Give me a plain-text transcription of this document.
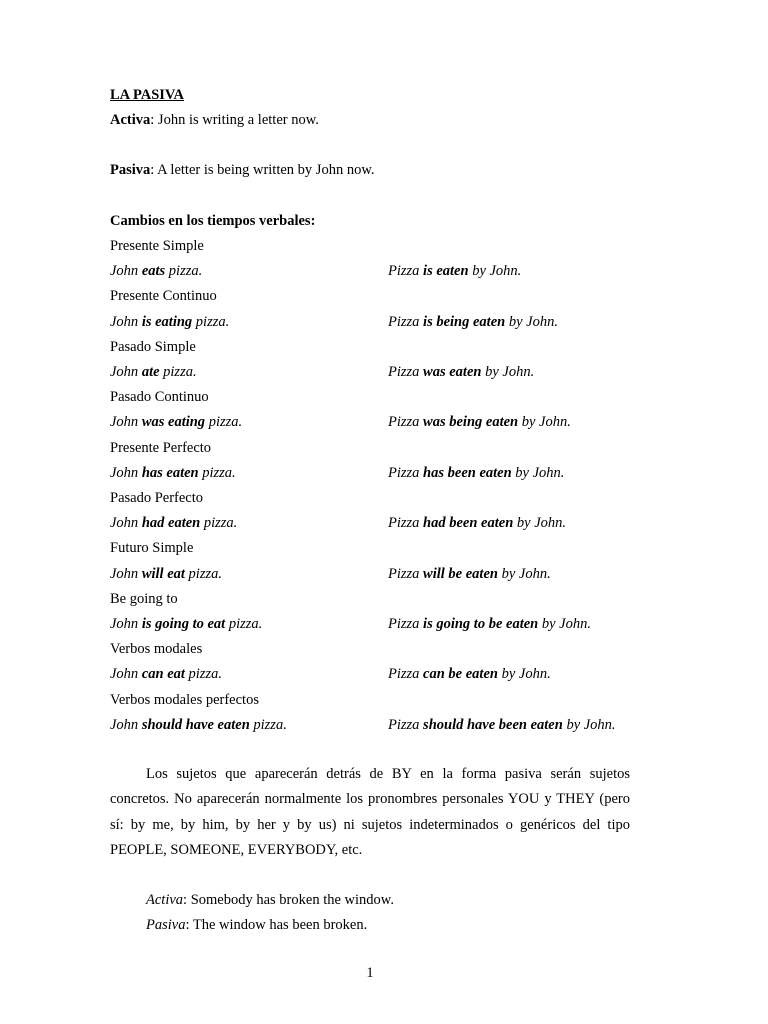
LA PASIVA
Activa: John is writing a letter now.
Pasiva: A letter is being written by John now.
Cambios en los tiempos verbales:
Presente Simple
John eats pizza.	Pizza is eaten by John.
Presente Continuo
John is eating pizza.	Pizza is being eaten by John.
Pasado Simple
John ate pizza.	Pizza was eaten by John.
Pasado Continuo
John was eating pizza.	Pizza was being eaten by John.
Presente Perfecto
John has eaten pizza.	Pizza has been eaten by John.
Pasado Perfecto
John had eaten pizza.	Pizza had been eaten by John.
Futuro Simple
John will eat pizza.	Pizza will be eaten by John.
Be going to
John is going to eat pizza.	Pizza is going to be eaten by John.
Verbos modales
John can eat pizza.	Pizza can be eaten by John.
Verbos modales perfectos
John should have eaten pizza.	Pizza should have been eaten by John.
Los sujetos que aparecerán detrás de BY en la forma pasiva serán sujetos concretos. No aparecerán normalmente los pronombres personales YOU y THEY (pero sí: by me, by him, by her y by us) ni sujetos indeterminados o genéricos del tipo PEOPLE, SOMEONE, EVERYBODY, etc.
Activa: Somebody has broken the window.
Pasiva: The window has been broken.
1
